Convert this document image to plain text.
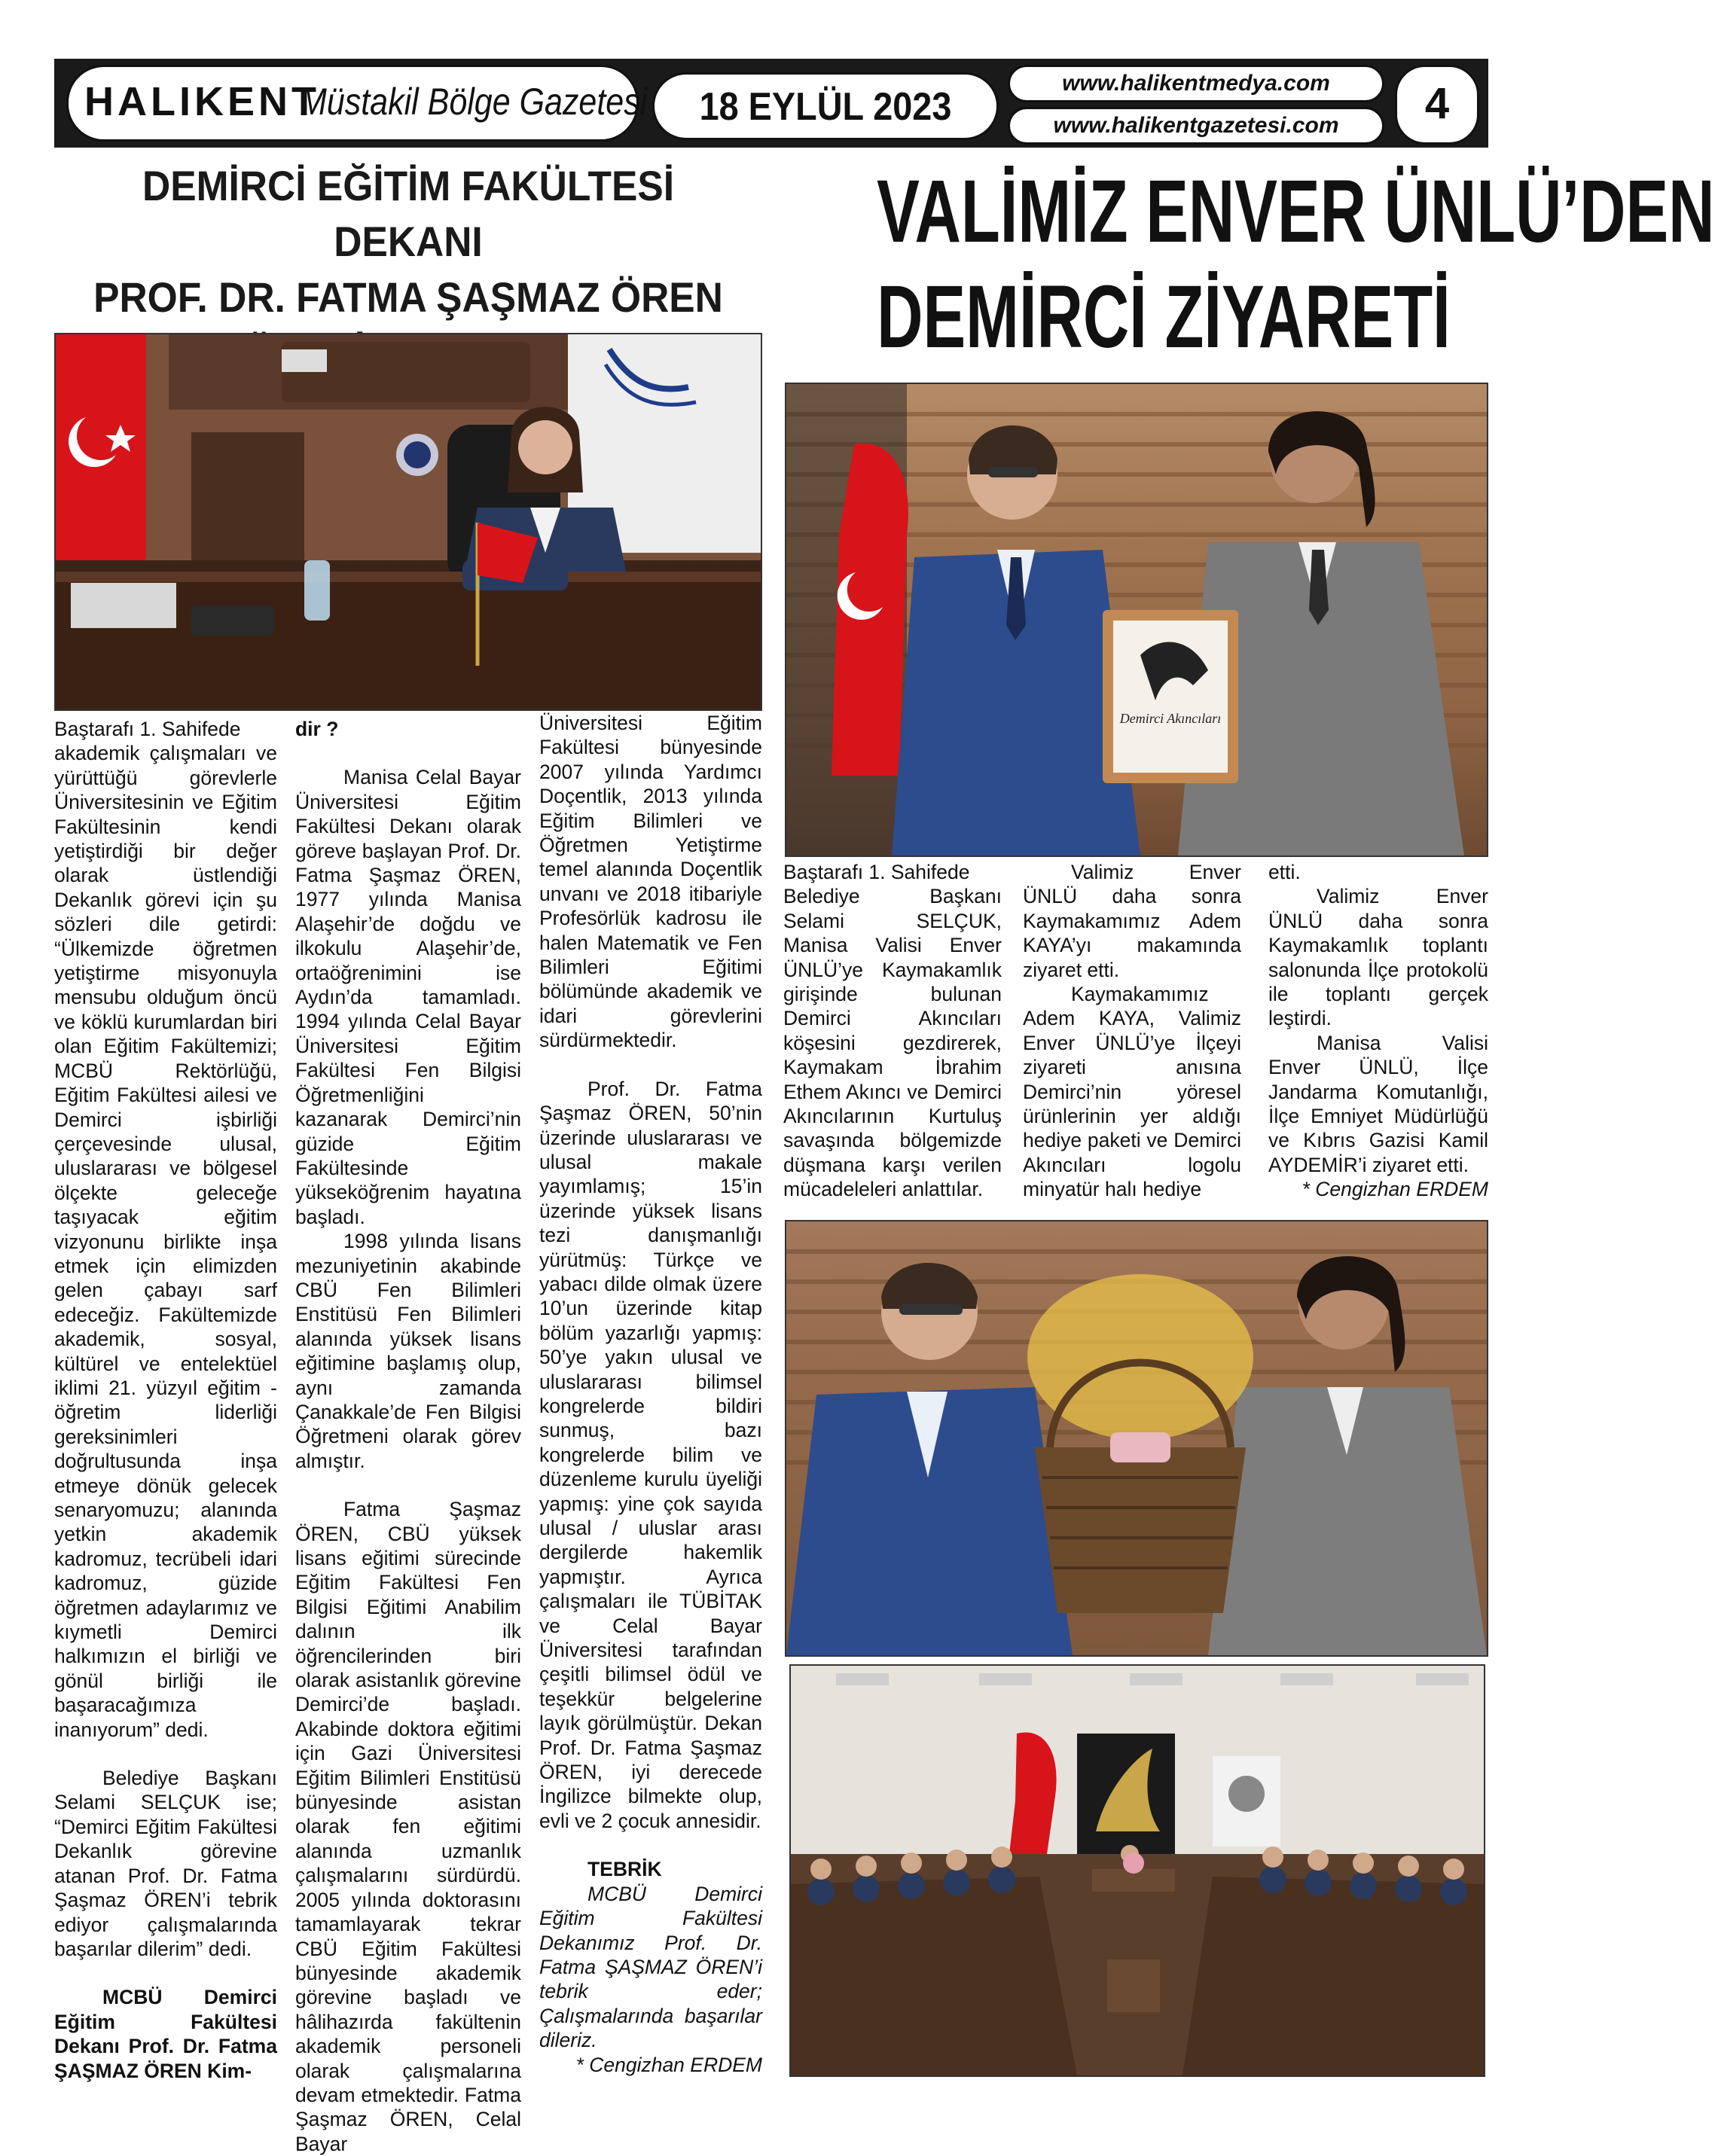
HALIKENT
Müstakil Bölge Gazetesi	18 EYLÜL 2023
www.halikentmedya.com
www.halikentgazetesi.com	4
DEMİRCİ EĞİTİM FAKÜLTESİ DEKANI
PROF. DR. FATMA ŞAŞMAZ ÖREN
VALİMİZ ENVER ÜNLÜ’DEN
DEMİRCİ ZİYARETİ

Baştarafı 1. Sahifede

akademik çalışmaları ve yürüttüğü görevlerle Üniversitesinin ve Eğitim Fakültesinin kendi yetiştirdiği bir değer olarak üstlendiği Dekanlık görevi için şu sözleri dile getirdi: “Ülkemizde öğretmen yetiştirme misyonuyla mensubu olduğum öncü ve köklü kurumlardan biri olan Eğitim Fakültemizi; MCBÜ Rektörlüğü, Eğitim Fakültesi ailesi ve Demirci işbirliği çerçevesinde ulusal, uluslararası ve bölgesel ölçekte geleceğe taşıyacak eğitim vizyonunu birlikte inşa etmek için elimizden gelen çabayı sarf edeceğiz. Fakültemizde akademik, sosyal, kültürel ve entelektüel iklimi 21. yüzyıl eğitim - öğretim liderliği gereksinimleri doğrultusunda inşa etmeye dönük gelecek senaryomuzu; alanında yetkin akademik kadromuz, tecrübeli idari kadromuz, güzide öğretmen adaylarımız ve kıymetli Demirci halkımızın el birliği ve gönül birliği ile başaracağımıza inanıyorum” dedi.

Belediye Başkanı Selami SELÇUK ise; “Demirci Eğitim Fakültesi Dekanlık görevine atanan Prof. Dr. Fatma Şaşmaz ÖREN’i tebrik ediyor çalışmalarında başarılar dilerim” dedi.

MCBÜ Demirci Eğitim Fakültesi Dekanı Prof. Dr. Fatma ŞAŞMAZ ÖREN Kim-

dir ?

Manisa Celal Bayar Üniversitesi Eğitim Fakültesi Dekanı olarak göreve başlayan Prof. Dr. Fatma Şaşmaz ÖREN, 1977 yılında Manisa Alaşehir’de doğdu ve ilkokulu Alaşehir’de, ortaöğrenimini ise Aydın’da tamamladı. 1994 yılında Celal Bayar Üniversitesi Eğitim Fakültesi Fen Bilgisi Öğretmenliğini kazanarak Demirci’nin güzide Eğitim Fakültesinde yükseköğrenim hayatına başladı.

1998 yılında lisans mezuniyetinin akabinde CBÜ Fen Bilimleri Enstitüsü Fen Bilimleri alanında yüksek lisans eğitimine başlamış olup, aynı zamanda Çanakkale’de Fen Bilgisi Öğretmeni olarak görev almıştır.

Fatma Şaşmaz ÖREN, CBÜ yüksek lisans eğitimi sürecinde Eğitim Fakültesi Fen Bilgisi Eğitimi Anabilim dalının ilk öğrencilerinden biri olarak asistanlık görevine Demirci’de başladı. Akabinde doktora eğitimi için Gazi Üniversitesi Eğitim Bilimleri Enstitüsü bünyesinde asistan olarak fen eğitimi alanında uzmanlık çalışmalarını sürdürdü. 2005 yılında doktorasını tamamlayarak tekrar CBÜ Eğitim Fakültesi bünyesinde akademik görevine başladı ve hâlihazırda fakültenin akademik personeli olarak çalışmalarına devam etmektedir. Fatma Şaşmaz ÖREN, Celal Bayar

Üniversitesi Eğitim Fakültesi bünyesinde 2007 yılında Yardımcı Doçentlik, 2013 yılında Eğitim Bilimleri ve Öğretmen Yetiştirme temel alanında Doçentlik unvanı ve 2018 itibariyle Profesörlük kadrosu ile halen Matematik ve Fen Bilimleri Eğitimi bölümünde akademik ve idari görevlerini sürdürmektedir.

Prof. Dr. Fatma Şaşmaz ÖREN, 50’nin üzerinde uluslararası ve ulusal makale yayımlamış; 15’in üzerinde yüksek lisans tezi danışmanlığı yürütmüş: Türkçe ve yabacı dilde olmak üzere 10’un üzerinde kitap bölüm yazarlığı yapmış: 50’ye yakın ulusal ve uluslararası bilimsel kongrelerde bildiri sunmuş, bazı kongrelerde bilim ve düzenleme kurulu üyeliği yapmış: yine çok sayıda ulusal / uluslar arası dergilerde hakemlik yapmıştır. Ayrıca çalışmaları ile TÜBİTAK ve Celal Bayar Üniversitesi tarafından çeşitli bilimsel ödül ve teşekkür belgelerine layık görülmüştür. Dekan Prof. Dr. Fatma Şaşmaz ÖREN, iyi derecede İngilizce bilmekte olup, evli ve 2 çocuk annesidir.

TEBRİK

MCBÜ Demirci Eğitim Fakültesi Dekanımız Prof. Dr. Fatma ŞAŞMAZ ÖREN’i tebrik eder; Çalışmalarında başarılar dileriz.

* Cengizhan ERDEM

Demirci Akıncıları

Baştarafı 1. Sahifede

Belediye Başkanı Selami SELÇUK, Manisa Valisi Enver ÜNLÜ’ye Kaymakamlık girişinde bulunan Demirci Akıncıları köşesini gezdirerek, Kaymakam İbrahim Ethem Akıncı ve Demirci Akıncılarının Kurtuluş savaşında bölgemizde düşmana karşı verilen mücadeleleri anlattılar.

Valimiz Enver ÜNLÜ daha sonra Kaymakamımız Adem KAYA’yı makamında ziyaret etti.

Kaymakamımız Adem KAYA, Valimiz Enver ÜNLÜ’ye İlçeyi ziyareti anısına Demirci’nin yöresel ürünlerinin yer aldığı hediye paketi ve Demirci Akıncıları logolu minyatür halı hediye

etti.

Valimiz Enver ÜNLÜ daha sonra Kaymakamlık toplantı salonunda İlçe protokolü ile toplantı gerçek leştirdi.

Manisa Valisi Enver ÜNLÜ, İlçe Jandarma Komutanlığı, İlçe Emniyet Müdürlüğü ve Kıbrıs Gazisi Kamil AYDEMİR’i ziyaret etti.

* Cengizhan ERDEM
